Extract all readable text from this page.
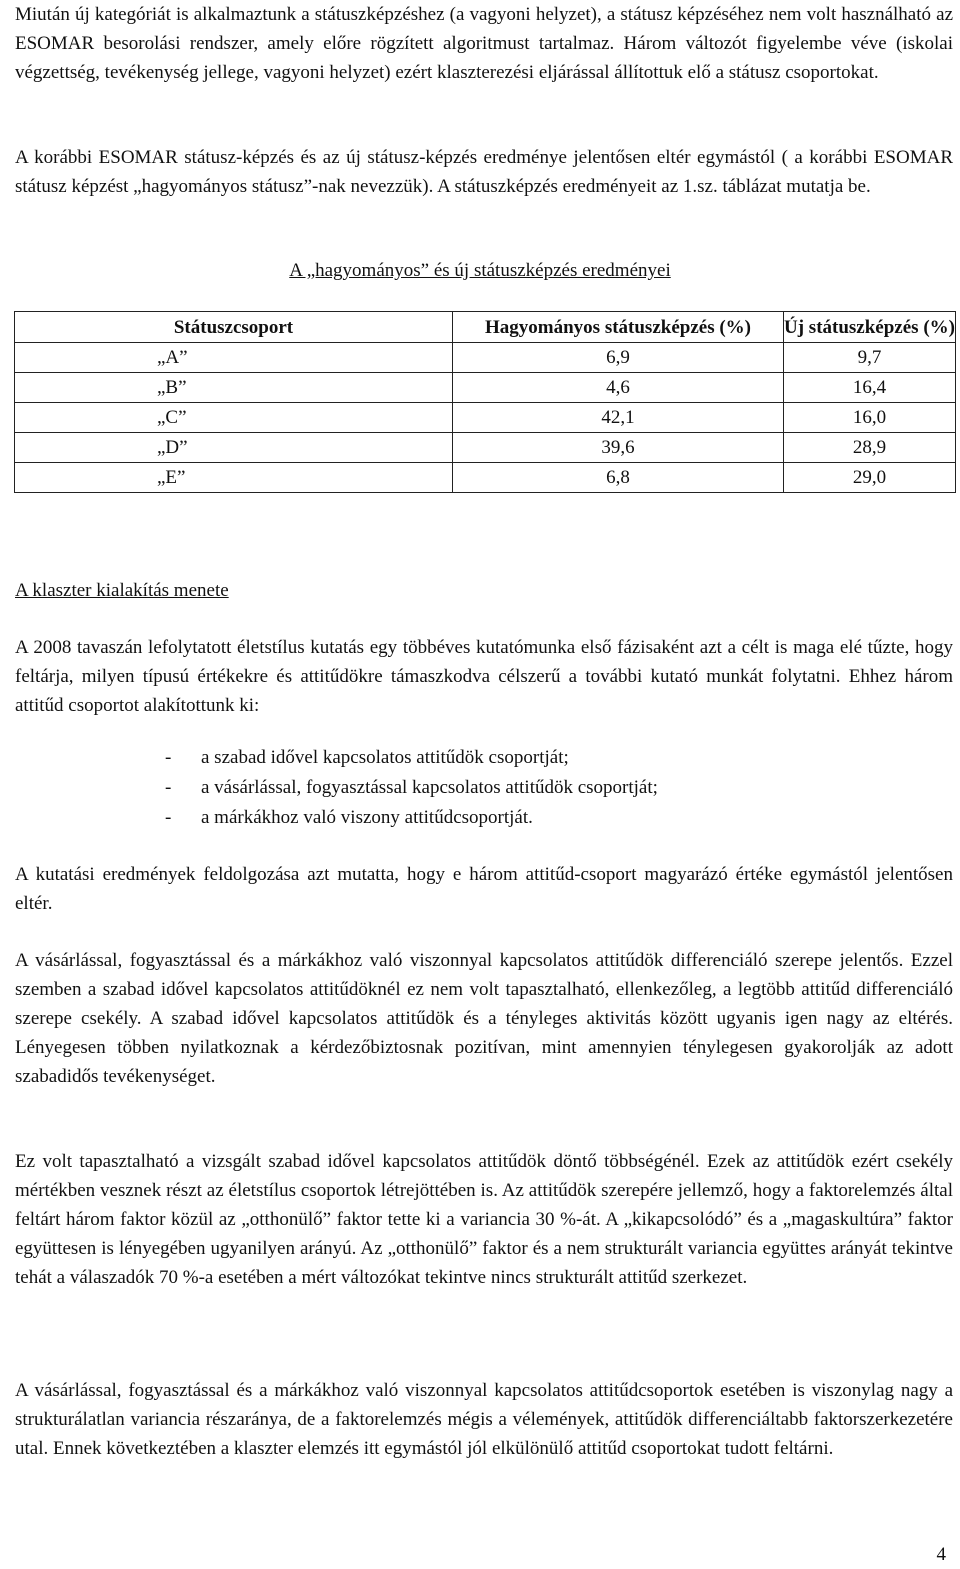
Miután új kategóriát is alkalmaztunk a státuszképzéshez (a vagyoni helyzet), a státusz képzéséhez nem volt használható az ESOMAR besorolási rendszer, amely előre rögzített algoritmust tartalmaz. Három változót figyelembe véve (iskolai végzettség, tevékenység jellege, vagyoni helyzet) ezért klaszterezési eljárással állítottuk elő a státusz csoportokat.

A korábbi ESOMAR státusz-képzés és az új státusz-képzés eredménye jelentősen eltér egymástól ( a korábbi ESOMAR státusz képzést „hagyományos státusz”-nak nevezzük). A státuszképzés eredményeit az 1.sz. táblázat mutatja be.

A „hagyományos” és új státuszképzés eredményei

Státuszcsoport	Hagyományos státuszképzés (%)	Új státuszképzés (%)
„A”	6,9	9,7
„B”	4,6	16,4
„C”	42,1	16,0
„D”	39,6	28,9
„E”	6,8	29,0

A klaszter kialakítás menete

A 2008 tavaszán lefolytatott életstílus kutatás egy többéves kutatómunka első fázisaként azt a célt is maga elé tűzte, hogy feltárja, milyen típusú értékekre és attitűdökre támaszkodva célszerű a további kutató munkát folytatni. Ehhez három attitűd csoportot alakítottunk ki:

-	a szabad idővel kapcsolatos attitűdök csoportját;
-	a vásárlással, fogyasztással kapcsolatos attitűdök csoportját;
-	a márkákhoz való viszony attitűdcsoportját.

A kutatási eredmények feldolgozása azt mutatta, hogy e három attitűd-csoport magyarázó értéke egymástól jelentősen eltér.

A vásárlással, fogyasztással és a márkákhoz való viszonnyal kapcsolatos attitűdök differenciáló szerepe jelentős. Ezzel szemben a szabad idővel kapcsolatos attitűdöknél ez nem volt tapasztalható, ellenkezőleg, a legtöbb attitűd differenciáló szerepe csekély. A szabad idővel kapcsolatos attitűdök és a tényleges aktivitás között ugyanis igen nagy az eltérés. Lényegesen többen nyilatkoznak a kérdezőbiztosnak pozitívan, mint amennyien ténylegesen gyakorolják az adott szabadidős tevékenységet.

Ez volt tapasztalható a vizsgált szabad idővel kapcsolatos attitűdök döntő többségénél. Ezek az attitűdök ezért csekély mértékben vesznek részt az életstílus csoportok létrejöttében is. Az attitűdök szerepére jellemző, hogy a faktorelemzés által feltárt három faktor közül az „otthonülő” faktor tette ki a variancia 30 %-át. A „kikapcsolódó” és a „magaskultúra” faktor együttesen is lényegében ugyanilyen arányú. Az „otthonülő” faktor és a nem strukturált variancia együttes arányát tekintve tehát a válaszadók 70 %-a esetében a mért változókat tekintve nincs strukturált attitűd szerkezet.

A vásárlással, fogyasztással és a márkákhoz való viszonnyal kapcsolatos attitűdcsoportok esetében is viszonylag nagy a strukturálatlan variancia részaránya, de a faktorelemzés mégis a vélemények, attitűdök differenciáltabb faktorszerkezetére utal. Ennek következtében a klaszter elemzés itt egymástól jól elkülönülő attitűd csoportokat tudott feltárni.

4
